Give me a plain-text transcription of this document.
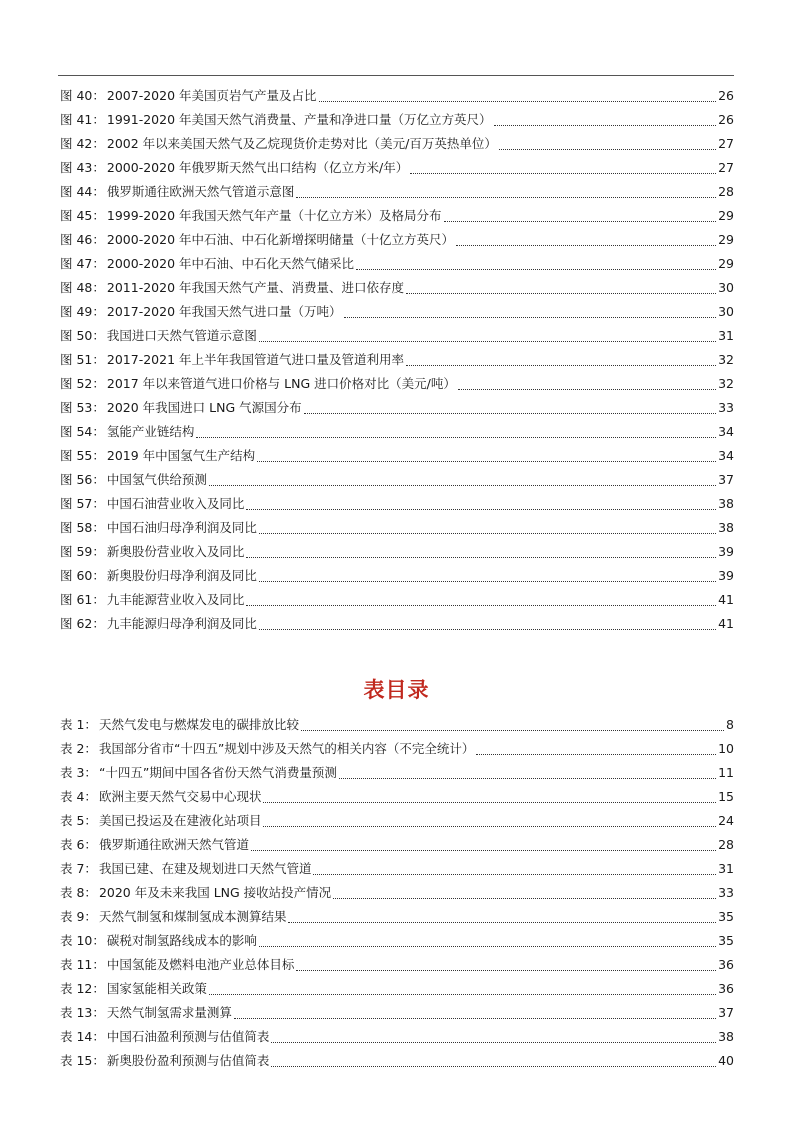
图 40： 2007-2020 年美国页岩气产量及占比	26
图 41： 1991-2020 年美国天然气消费量、产量和净进口量（万亿立方英尺）	26
图 42： 2002 年以来美国天然气及乙烷现货价走势对比（美元/百万英热单位）	27
图 43： 2000-2020 年俄罗斯天然气出口结构（亿立方米/年）	27
图 44： 俄罗斯通往欧洲天然气管道示意图	28
图 45： 1999-2020 年我国天然气年产量（十亿立方米）及格局分布	29
图 46： 2000-2020 年中石油、中石化新增探明储量（十亿立方英尺）	29
图 47： 2000-2020 年中石油、中石化天然气储采比	29
图 48： 2011-2020 年我国天然气产量、消费量、进口依存度	30
图 49： 2017-2020 年我国天然气进口量（万吨）	30
图 50： 我国进口天然气管道示意图	31
图 51： 2017-2021 年上半年我国管道气进口量及管道利用率	32
图 52： 2017 年以来管道气进口价格与 LNG 进口价格对比（美元/吨）	32
图 53： 2020 年我国进口 LNG 气源国分布	33
图 54： 氢能产业链结构	34
图 55： 2019 年中国氢气生产结构	34
图 56： 中国氢气供给预测	37
图 57： 中国石油营业收入及同比	38
图 58： 中国石油归母净利润及同比	38
图 59： 新奥股份营业收入及同比	39
图 60： 新奥股份归母净利润及同比	39
图 61： 九丰能源营业收入及同比	41
图 62： 九丰能源归母净利润及同比	41
表目录
表 1： 天然气发电与燃煤发电的碳排放比较	8
表 2： 我国部分省市“十四五”规划中涉及天然气的相关内容（不完全统计）	10
表 3： “十四五”期间中国各省份天然气消费量预测	11
表 4： 欧洲主要天然气交易中心现状	15
表 5： 美国已投运及在建液化站项目	24
表 6： 俄罗斯通往欧洲天然气管道	28
表 7： 我国已建、在建及规划进口天然气管道	31
表 8： 2020 年及未来我国 LNG 接收站投产情况	33
表 9： 天然气制氢和煤制氢成本测算结果	35
表 10： 碳税对制氢路线成本的影响	35
表 11： 中国氢能及燃料电池产业总体目标	36
表 12： 国家氢能相关政策	36
表 13： 天然气制氢需求量测算	37
表 14： 中国石油盈利预测与估值简表	38
表 15： 新奥股份盈利预测与估值简表	40
